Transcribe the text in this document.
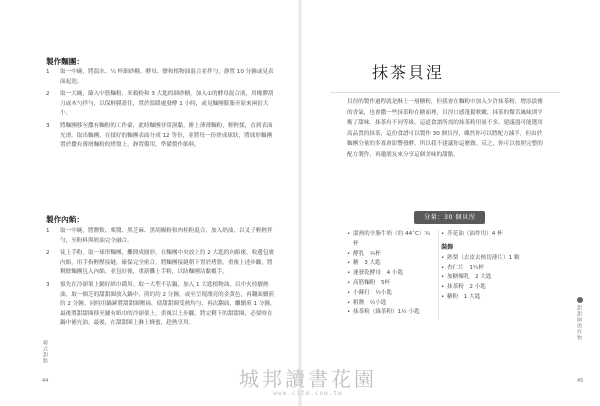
製作麵團：
1	取一中碗，將溫水、¼ 杯細砂糖、酵母、鹽和植物油混合並拌勻，靜置 10 分鐘或見表面起泡。
2	取一大碗，篩入中筋麵粉、米穀粉和 3 大匙的細砂糖，加入①的酵母混合液，用橡膠刮刀或木勺拌勻，以保鮮膜蓋住，置於溫暖處發酵 1 小時，或見麵團膨脹至原來兩倍大小。
3	將麵團移至撒有麵粉的工作臺，此時麵團非常濕黏，擀上薄薄麵粉，輕輕揉，直到表面光滑。取出麵團，在揉好的麵團表面分成 12 等份，並將每一份搓成球狀，將球形麵團置於撒有薄層麵粉的烤盤上，靜置備用，準備製作餡料。
製作內餡：
1	取一中碗，將鹽麩、栗醬、黑芝麻、黑胡椒粉和肉桂粉混合，加入奶油，以叉子輕輕拌勻，至粉料與奶油完全融合。
2	徒上手粉，取一球形麵團，攤開成圓形，在麵團中央放上約 2 大匙的內餡後，收邊包裹內餡，用手指輕壓接縫，確保完全密合，將麵團接縫朝下置於烤盤。重複上述步驟，將剩餘麵團包入內餡，並包好後，重新攤上手粉，以防麵團沾黏覆手。
3	預先在冷卻架上鋪好紙巾備用。取一大型不沾鍋，加入 1 大匙植物油，以中火持續熱油，取一個芝的甜甜圈放入鍋中，煎約約 2 分鐘，或至呈現漂亮的金黃色，再翻面續煎約 2 分鐘。同時用鍋鏟將甜甜圈壓扁，使甜甜圈受熱均勻，再次翻面，繼續煎 1 分鐘，最後將甜甜圈移至鋪有紙巾的冷卻架上，重複以上步驟，將完剩下的甜甜圈，必要時在鍋中補充油。最後，在甜甜圈上淋上蜂蜜，趁熱享用。
韓式甜點
44
抹茶貝涅

貝涅的製作過程就是酥上一層糖粉，但我會在麵粉中加入少許抹茶粉，增添淡雅的香氣，也會撒一些抹茶粉在糖面裡，貝涅口感蓬鬆軟嫩，抹茶的微苦風味則平衡了甜味。抹茶有不同等級，這道食譜所需的抹茶粉用量不多，建議盡可能選用高品質的抹茶，這份食譜可以製作 30 個貝涅，雖然你可以將配方減半，但由於麵團分量的多寡會影響發酵，所以我不建議你這麼做。反之，你可以按照完整的配方製作，再邀朋友來分享這個美味的甜點。

分量：30 個貝涅
• 溫熱的全脂牛奶（約 44˚C）¾杯
• 酵乳　¾杯
• 糖　3 大匙
• 速發乾酵母　4 小匙
• 高筋麵粉　5杯
• 小蘇打　½小匙
• 粗鹽　½小匙
• 抹茶粉（綠茶粉）1½ 小匙
• 芥花油（油炸用）4 杯
裝飾
• 熟梨（去皮去核切薄片）1 顆
• 杏仁片　1¼杯
• 加糖煉乳　2 大匙
• 抹茶粉　2 小匙
• 糖粉　1 大匙
甜甜圈與炸物
45
城邦讀書花園
www.cite.com.tw
